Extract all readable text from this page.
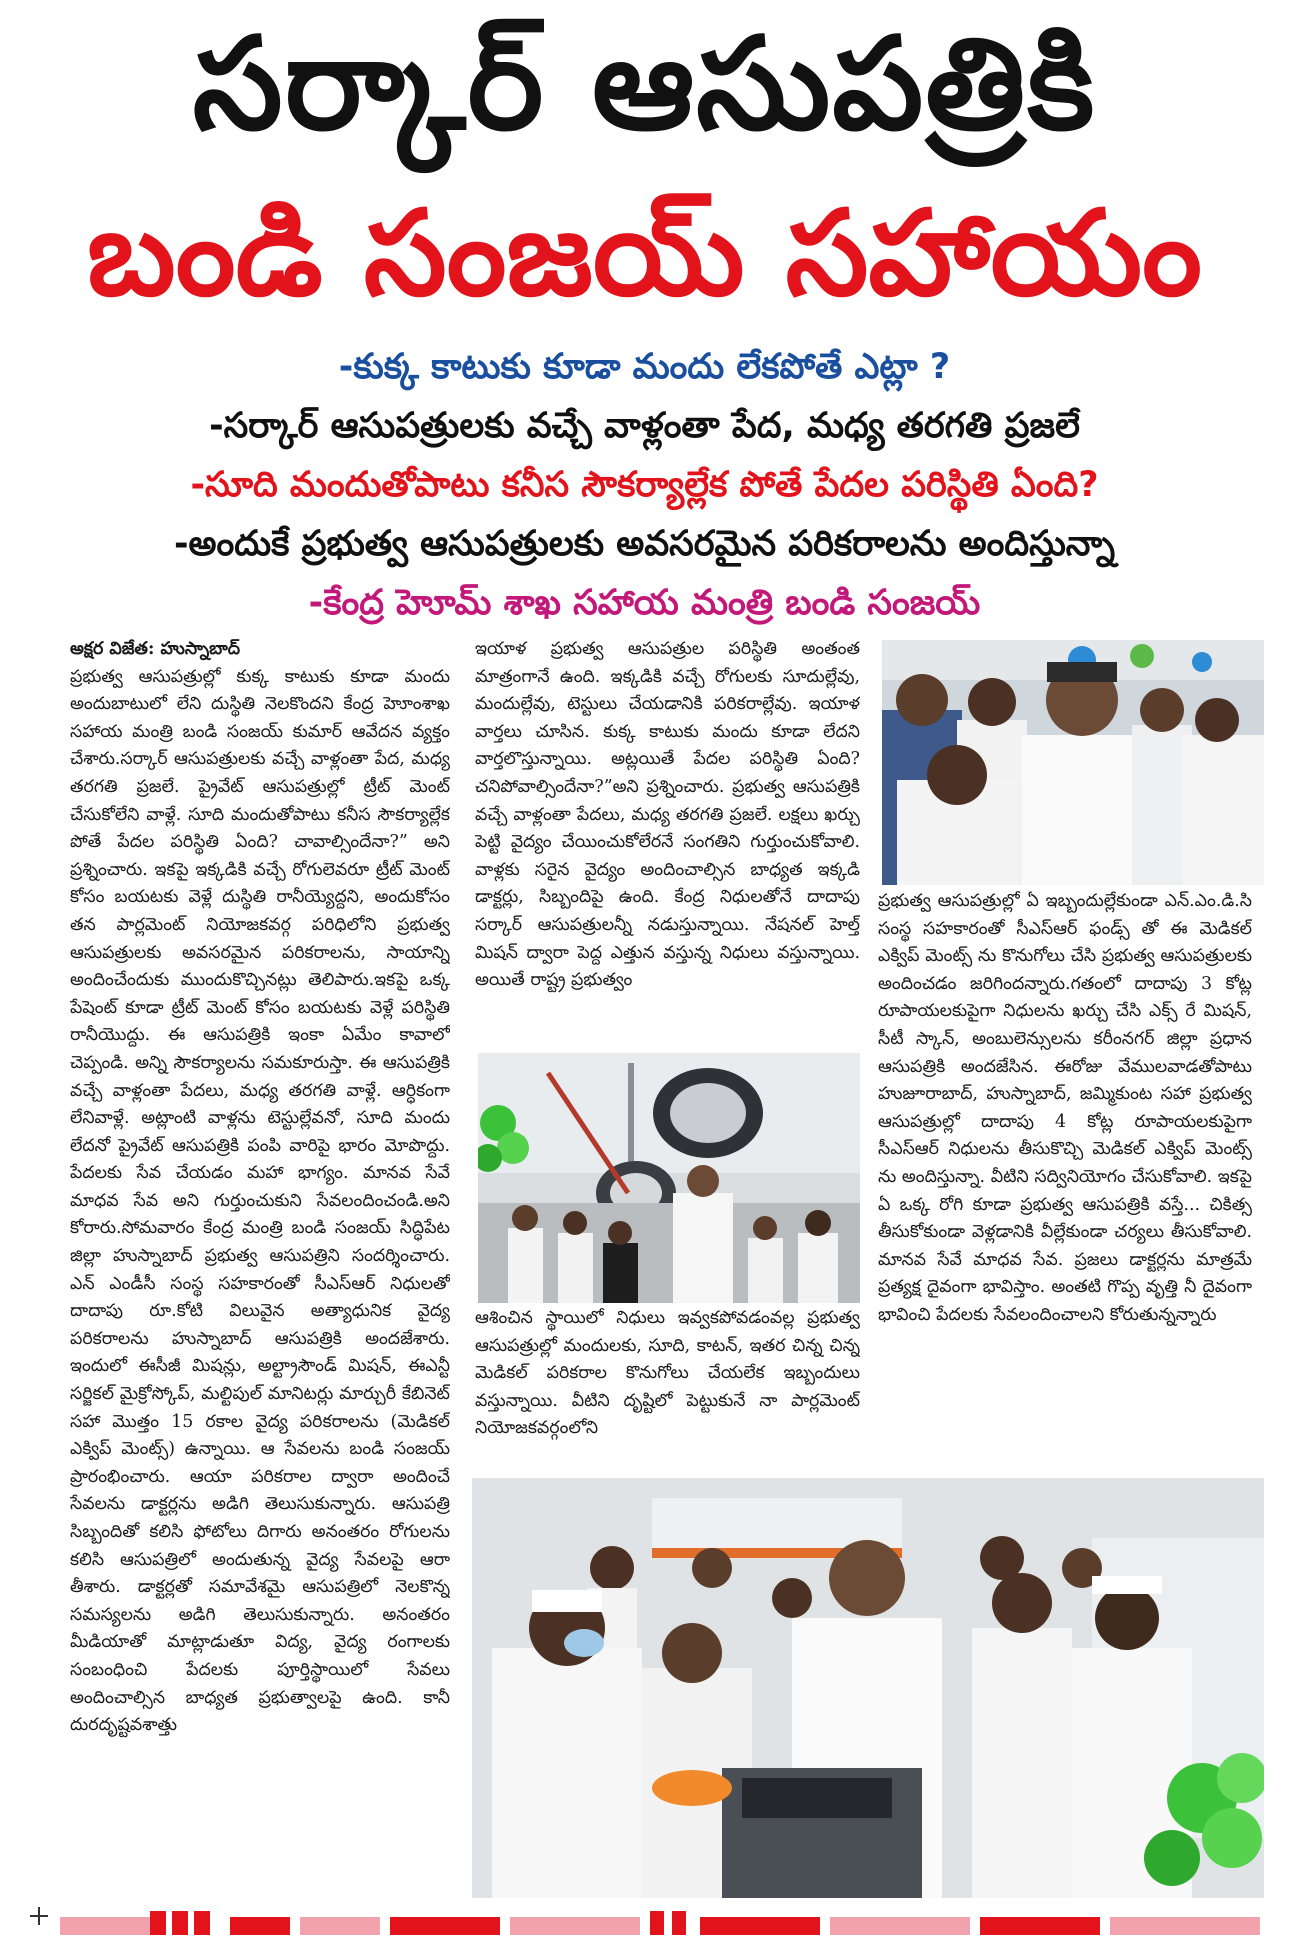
సర్కార్ ఆసుపత్రికి
బండి సంజయ్ సహాయం
-కుక్క కాటుకు కూడా మందు లేకపోతే ఎట్లా ?
-సర్కార్ ఆసుపత్రులకు వచ్చే వాళ్లంతా పేద, మధ్య తరగతి ప్రజలే
-సూది మందుతోపాటు కనీస సౌకర్యాల్లేక పోతే పేదల పరిస్థితి ఏంది?
-అందుకే ప్రభుత్వ ఆసుపత్రులకు అవసరమైన పరికరాలను అందిస్తున్నా
-కేంద్ర హెూమ్ శాఖ సహాయ మంత్రి బండి సంజయ్

అక్షర విజేత: హుస్నాబాద్

ప్రభుత్వ ఆసుపత్రుల్లో కుక్క కాటుకు కూడా మందు అందుబాటులో లేని దుస్థితి నెలకొందని కేంద్ర హెూంశాఖ సహాయ మంత్రి బండి సంజయ్ కుమార్ ఆవేదన వ్యక్తం చేశారు.సర్కార్ ఆసుపత్రులకు వచ్చే వాళ్లంతా పేద, మధ్య తరగతి ప్రజలే. ప్రైవేట్ ఆసుపత్రుల్లో ట్రీట్ మెంట్ చేసుకోలేని వాళ్లే. సూది మందుతోపాటు కనీస సౌకర్యాల్లేక పోతే పేదల పరిస్థితి ఏంది? చావాల్సిందేనా?” అని ప్రశ్నించారు. ఇకపై ఇక్కడికి వచ్చే రోగులెవరూ ట్రీట్ మెంట్ కోసం బయటకు వెళ్లే దుస్థితి రానీయ్యెద్దని, అందుకోసం తన పార్లమెంట్ నియోజకవర్గ పరిధిలోని ప్రభుత్వ ఆసుపత్రులకు అవసరమైన పరికరాలను, సాయాన్ని అందించేందుకు ముందుకొచ్చినట్లు తెలిపారు.ఇకపై ఒక్క పేషెంట్ కూడా ట్రీట్ మెంట్ కోసం బయటకు వెళ్లే పరిస్థితి రానీయొద్దు. ఈ ఆసుపత్రికి ఇంకా ఏమేం కావాలో చెప్పండి. అన్ని సౌకర్యాలను సమకూరుస్తా. ఈ ఆసుపత్రికి వచ్చే వాళ్లంతా పేదలు, మధ్య తరగతి వాళ్లే. ఆర్ధికంగా లేనివాళ్లే. అట్లాంటి వాళ్లను టెస్టుల్లేవనో, సూది మందు లేదనో ప్రైవేట్ ఆసుపత్రికి పంపి వారిపై భారం మోపొద్దు. పేదలకు సేవ చేయడం మహా భాగ్యం. మానవ సేవే మాధవ సేవ అని గుర్తుంచుకుని సేవలందించండి.అని కోరారు.సోమవారం కేంద్ర మంత్రి బండి సంజయ్ సిద్ధిపేట జిల్లా హుస్నాబాద్ ప్రభుత్వ ఆసుపత్రిని సందర్శించారు. ఎన్ ఎండీసీ సంస్థ సహకారంతో సీఎస్ఆర్ నిధులతో దాదాపు రూ.కోటి విలువైన అత్యాధునిక వైద్య పరికరాలను హుస్నాబాద్ ఆసుపత్రికి అందజేశారు. ఇందులో ఈసీజీ మిషన్లు, అల్ట్రాసౌండ్ మిషన్, ఈఎన్టీ సర్జికల్ మైక్రోస్కోప్, మల్టిపుల్ మానిటర్లు మార్చురీ కేబినెట్ సహా మొత్తం 15 రకాల వైద్య పరికరాలను (మెడికల్ ఎక్విప్ మెంట్స్) ఉన్నాయి. ఆ సేవలను బండి సంజయ్ ప్రారంభించారు. ఆయా పరికరాల ద్వారా అందించే సేవలను డాక్టర్లను అడిగి తెలుసుకున్నారు. ఆసుపత్రి సిబ్బందితో కలిసి ఫోటోలు దిగారు అనంతరం రోగులను కలిసి ఆసుపత్రిలో అందుతున్న వైద్య సేవలపై ఆరా తీశారు. డాక్టర్లతో సమావేశమై ఆసుపత్రిలో నెలకొన్న సమస్యలను అడిగి తెలుసుకున్నారు. అనంతరం మీడియాతో మాట్లాడుతూ విద్య, వైద్య రంగాలకు సంబంధించి పేదలకు పూర్తిస్థాయిలో సేవలు అందించాల్సిన బాధ్యత ప్రభుత్వాలపై ఉంది. కానీ దురదృష్టవశాత్తు

ఇయాళ ప్రభుత్వ ఆసుపత్రుల పరిస్థితి అంతంత మాత్రంగానే ఉంది. ఇక్కడికి వచ్చే రోగులకు సూదుల్లేవు, మందుల్లేవు, టెస్టులు చేయడానికి పరికరాల్లేవు. ఇయాళ వార్తలు చూసిన. కుక్క కాటుకు మందు కూడా లేదని వార్తలొస్తున్నాయి. అట్లయితే పేదల పరిస్థితి ఏంది? చనిపోవాల్సిందేనా?”అని ప్రశ్నించారు. ప్రభుత్వ ఆసుపత్రికి వచ్చే వాళ్లంతా పేదలు, మధ్య తరగతి ప్రజలే. లక్షలు ఖర్చు పెట్టి వైద్యం చేయించుకోలేరనే సంగతిని గుర్తుంచుకోవాలి. వాళ్లకు సరైన వైద్యం అందించాల్సిన బాధ్యత ఇక్కడి డాక్టర్లు, సిబ్బందిపై ఉంది. కేంద్ర నిధులతోనే దాదాపు సర్కార్ ఆసుపత్రులన్నీ నడుస్తున్నాయి. నేషనల్ హెల్త్ మిషన్ ద్వారా పెద్ద ఎత్తున వస్తున్న నిధులు వస్తున్నాయి. అయితే రాష్ట్ర ప్రభుత్వం

ఆశించిన స్థాయిలో నిధులు ఇవ్వకపోవడంవల్ల ప్రభుత్వ ఆసుపత్రుల్లో మందులకు, సూది, కాటన్, ఇతర చిన్న చిన్న మెడికల్ పరికరాల కొనుగోలు చేయలేక ఇబ్బందులు వస్తున్నాయి. వీటిని దృష్టిలో పెట్టుకునే నా పార్లమెంట్ నియోజకవర్గంలోని

ప్రభుత్వ ఆసుపత్రుల్లో ఏ ఇబ్బందుల్లేకుండా ఎన్.ఎం.డి.సి సంస్థ సహకారంతో సీఎస్ఆర్ ఫండ్స్ తో ఈ మెడికల్ ఎక్విప్ మెంట్స్ ను కొనుగోలు చేసి ప్రభుత్వ ఆసుపత్రులకు అందించడం జరిగిందన్నారు.గతంలో దాదాపు 3 కోట్ల రూపాయలకుపైగా నిధులను ఖర్చు చేసి ఎక్స్ రే మిషన్, సీటీ స్కాన్, అంబులెన్సులను కరీంనగర్ జిల్లా ప్రధాన ఆసుపత్రికి అందజేసిన. ఈరోజు వేములవాడతోపాటు హుజూరాబాద్, హుస్నాబాద్, జమ్మికుంట సహా ప్రభుత్వ ఆసుపత్రుల్లో దాదాపు 4 కోట్ల రూపాయలకుపైగా సీఎస్ఆర్ నిధులను తీసుకొచ్చి మెడికల్ ఎక్విప్ మెంట్స్ ను అందిస్తున్నా. వీటిని సద్వినియోగం చేసుకోవాలి. ఇకపై ఏ ఒక్క రోగి కూడా ప్రభుత్వ ఆసుపత్రికి వస్తే... చికిత్స తీసుకోకుండా వెళ్లడానికి వీల్లేకుండా చర్యలు తీసుకోవాలి. మానవ సేవే మాధవ సేవ. ప్రజలు డాక్టర్లను మాత్రమే ప్రత్యక్ష దైవంగా భావిస్తాం. అంతటి గొప్ప వృత్తి నీ దైవంగా భావించి పేదలకు సేవలందించాలని కోరుతున్నన్నారు
